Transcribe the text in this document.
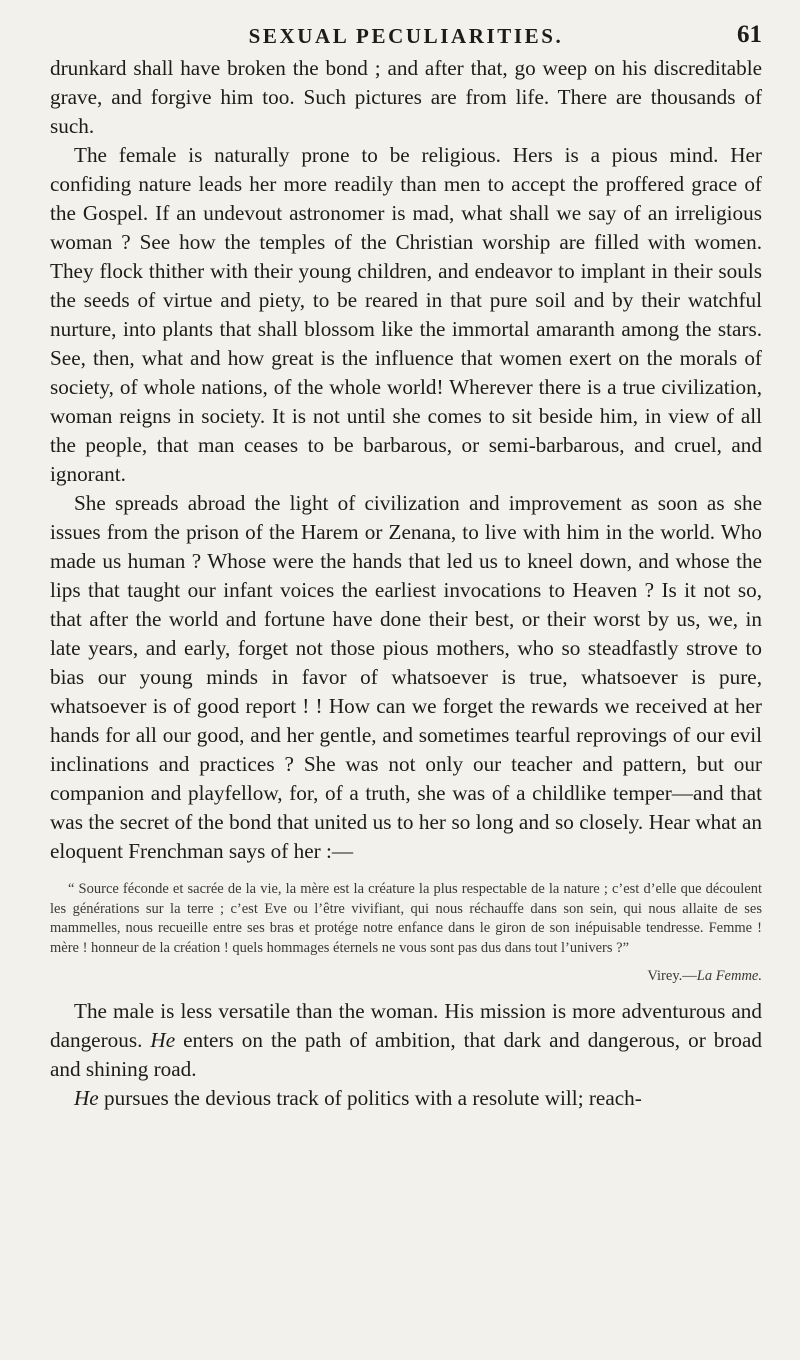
SEXUAL PECULIARITIES.	61

drunkard shall have broken the bond ; and after that, go weep on his discreditable grave, and forgive him too. Such pictures are from life. There are thousands of such.

The female is naturally prone to be religious. Hers is a pious mind. Her confiding nature leads her more readily than men to accept the proffered grace of the Gospel. If an undevout astronomer is mad, what shall we say of an irreligious woman ? See how the temples of the Christian worship are filled with women. They flock thither with their young children, and endeavor to implant in their souls the seeds of virtue and piety, to be reared in that pure soil and by their watchful nurture, into plants that shall blossom like the immortal amaranth among the stars. See, then, what and how great is the influence that women exert on the morals of society, of whole nations, of the whole world! Wherever there is a true civilization, woman reigns in society. It is not until she comes to sit beside him, in view of all the people, that man ceases to be barbarous, or semi-barbarous, and cruel, and ignorant.

She spreads abroad the light of civilization and improvement as soon as she issues from the prison of the Harem or Zenana, to live with him in the world. Who made us human ? Whose were the hands that led us to kneel down, and whose the lips that taught our infant voices the earliest invocations to Heaven ? Is it not so, that after the world and fortune have done their best, or their worst by us, we, in late years, and early, forget not those pious mothers, who so steadfastly strove to bias our young minds in favor of whatsoever is true, whatsoever is pure, whatsoever is of good report ! ! How can we forget the rewards we received at her hands for all our good, and her gentle, and sometimes tearful reprovings of our evil inclinations and practices ? She was not only our teacher and pattern, but our companion and playfellow, for, of a truth, she was of a childlike temper—and that was the secret of the bond that united us to her so long and so closely. Hear what an eloquent Frenchman says of her :—

“ Source féconde et sacrée de la vie, la mère est la créature la plus respectable de la nature ; c’est d’elle que découlent les générations sur la terre ; c’est Eve ou l’être vivifiant, qui nous réchauffe dans son sein, qui nous allaite de ses mammelles, nous recueille entre ses bras et protége notre enfance dans le giron de son inépuisable tendresse. Femme ! mère ! honneur de la création ! quels hommages éternels ne vous sont pas dus dans tout l’univers ?”

Virey.—La Femme.

The male is less versatile than the woman. His mission is more adventurous and dangerous. He enters on the path of ambition, that dark and dangerous, or broad and shining road.

He pursues the devious track of politics with a resolute will; reach-
